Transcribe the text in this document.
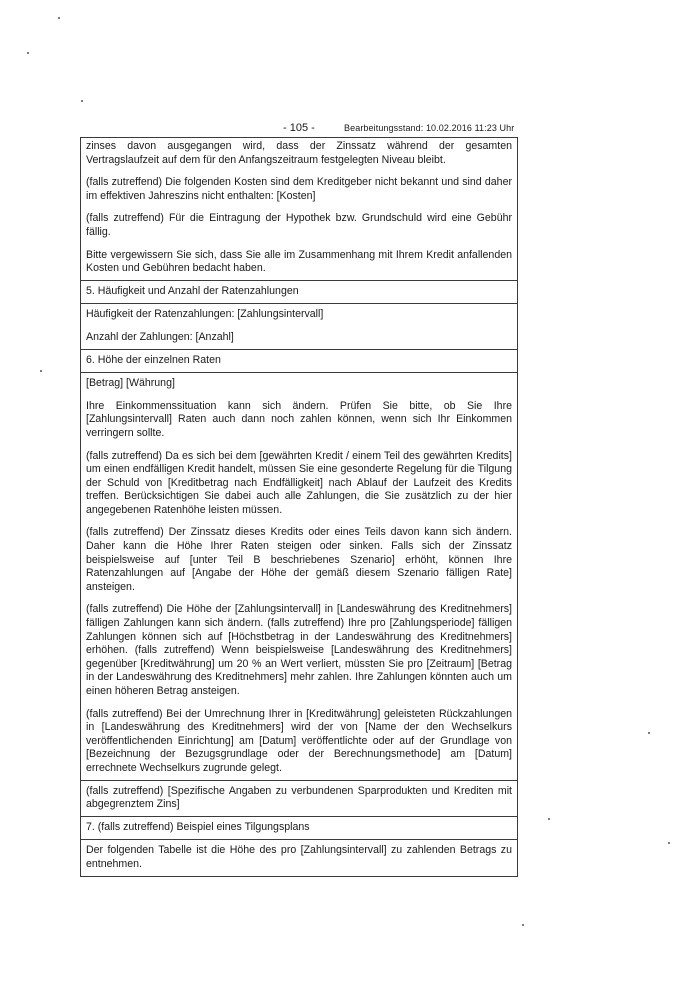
- 105 -	Bearbeitungsstand: 10.02.2016 11:23 Uhr

zinses davon ausgegangen wird, dass der Zinssatz während der gesamten Vertragslaufzeit auf dem für den Anfangszeitraum festgelegten Niveau bleibt.

(falls zutreffend) Die folgenden Kosten sind dem Kreditgeber nicht bekannt und sind daher im effektiven Jahreszins nicht enthalten: [Kosten]

(falls zutreffend) Für die Eintragung der Hypothek bzw. Grundschuld wird eine Gebühr fällig.

Bitte vergewissern Sie sich, dass Sie alle im Zusammenhang mit Ihrem Kredit anfallenden Kosten und Gebühren bedacht haben.

5. Häufigkeit und Anzahl der Ratenzahlungen

Häufigkeit der Ratenzahlungen: [Zahlungsintervall]

Anzahl der Zahlungen: [Anzahl]

6. Höhe der einzelnen Raten

[Betrag] [Währung]

Ihre Einkommenssituation kann sich ändern. Prüfen Sie bitte, ob Sie Ihre [Zahlungsintervall] Raten auch dann noch zahlen können, wenn sich Ihr Einkommen verringern sollte.

(falls zutreffend) Da es sich bei dem [gewährten Kredit / einem Teil des gewährten Kredits] um einen endfälligen Kredit handelt, müssen Sie eine gesonderte Regelung für die Tilgung der Schuld von [Kreditbetrag nach Endfälligkeit] nach Ablauf der Laufzeit des Kredits treffen. Berücksichtigen Sie dabei auch alle Zahlungen, die Sie zusätzlich zu der hier angegebenen Ratenhöhe leisten müssen.

(falls zutreffend) Der Zinssatz dieses Kredits oder eines Teils davon kann sich ändern. Daher kann die Höhe Ihrer Raten steigen oder sinken. Falls sich der Zinssatz beispielsweise auf [unter Teil B beschriebenes Szenario] erhöht, können Ihre Ratenzahlungen auf [Angabe der Höhe der gemäß diesem Szenario fälligen Rate] ansteigen.

(falls zutreffend) Die Höhe der [Zahlungsintervall] in [Landeswährung des Kreditnehmers] fälligen Zahlungen kann sich ändern. (falls zutreffend) Ihre pro [Zahlungsperiode] fälligen Zahlungen können sich auf [Höchstbetrag in der Landeswährung des Kreditnehmers] erhöhen. (falls zutreffend) Wenn beispielsweise [Landeswährung des Kreditnehmers] gegenüber [Kreditwährung] um 20 % an Wert verliert, müssten Sie pro [Zeitraum] [Betrag in der Landeswährung des Kreditnehmers] mehr zahlen. Ihre Zahlungen könnten auch um einen höheren Betrag ansteigen.

(falls zutreffend) Bei der Umrechnung Ihrer in [Kreditwährung] geleisteten Rückzahlungen in [Landeswährung des Kreditnehmers] wird der von [Name der den Wechselkurs veröffentlichenden Einrichtung] am [Datum] veröffentlichte oder auf der Grundlage von [Bezeichnung der Bezugsgrundlage oder der Berechnungsmethode] am [Datum] errechnete Wechselkurs zugrunde gelegt.

(falls zutreffend) [Spezifische Angaben zu verbundenen Sparprodukten und Krediten mit abgegrenztem Zins]

7. (falls zutreffend) Beispiel eines Tilgungsplans

Der folgenden Tabelle ist die Höhe des pro [Zahlungsintervall] zu zahlenden Betrags zu entnehmen.
